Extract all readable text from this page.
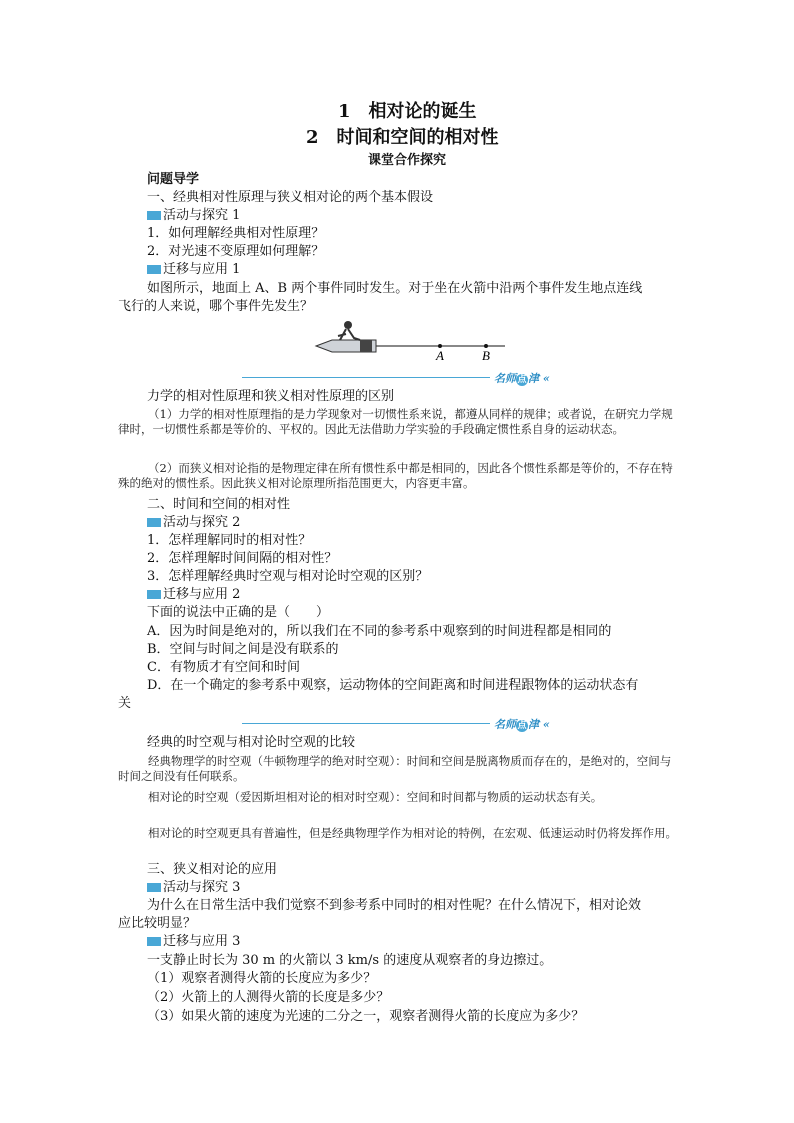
1　相对论的诞生
2　时间和空间的相对性
课堂合作探究
问题导学
一、经典相对性原理与狭义相对论的两个基本假设
活动与探究 1
1．如何理解经典相对性原理？
2．对光速不变原理如何理解？
迁移与应用 1
如图所示，地面上 A、B 两个事件同时发生。对于坐在火箭中沿两个事件发生地点连线
飞行的人来说，哪个事件先发生？
A	B
名师点 津 «
力学的相对性原理和狭义相对性原理的区别
（1）力学的相对性原理指的是力学现象对一切惯性系来说，都遵从同样的规律；或者说，在研究力学规律时，一切惯性系都是等价的、平权的。因此无法借助力学实验的手段确定惯性系自身的运动状态。
（2）而狭义相对论指的是物理定律在所有惯性系中都是相同的，因此各个惯性系都是等价的，不存在特殊的绝对的惯性系。因此狭义相对论原理所指范围更大，内容更丰富。
二、时间和空间的相对性
活动与探究 2
1．怎样理解同时的相对性？
2．怎样理解时间间隔的相对性？
3．怎样理解经典时空观与相对论时空观的区别？
迁移与应用 2
下面的说法中正确的是（　　）
A．因为时间是绝对的，所以我们在不同的参考系中观察到的时间进程都是相同的
B．空间与时间之间是没有联系的
C．有物质才有空间和时间
D．在一个确定的参考系中观察，运动物体的空间距离和时间进程跟物体的运动状态有
关
名师点 津 «
经典的时空观与相对论时空观的比较
经典物理学的时空观（牛顿物理学的绝对时空观）：时间和空间是脱离物质而存在的，是绝对的，空间与时间之间没有任何联系。
相对论的时空观（爱因斯坦相对论的相对时空观）：空间和时间都与物质的运动状态有关。
相对论的时空观更具有普遍性，但是经典物理学作为相对论的特例，在宏观、低速运动时仍将发挥作用。
三、狭义相对论的应用
活动与探究 3
为什么在日常生活中我们觉察不到参考系中同时的相对性呢？在什么情况下，相对论效
应比较明显？
迁移与应用 3
一支静止时长为 30 m 的火箭以 3 km/s 的速度从观察者的身边擦过。
（1）观察者测得火箭的长度应为多少？
（2）火箭上的人测得火箭的长度是多少？
（3）如果火箭的速度为光速的二分之一，观察者测得火箭的长度应为多少？
